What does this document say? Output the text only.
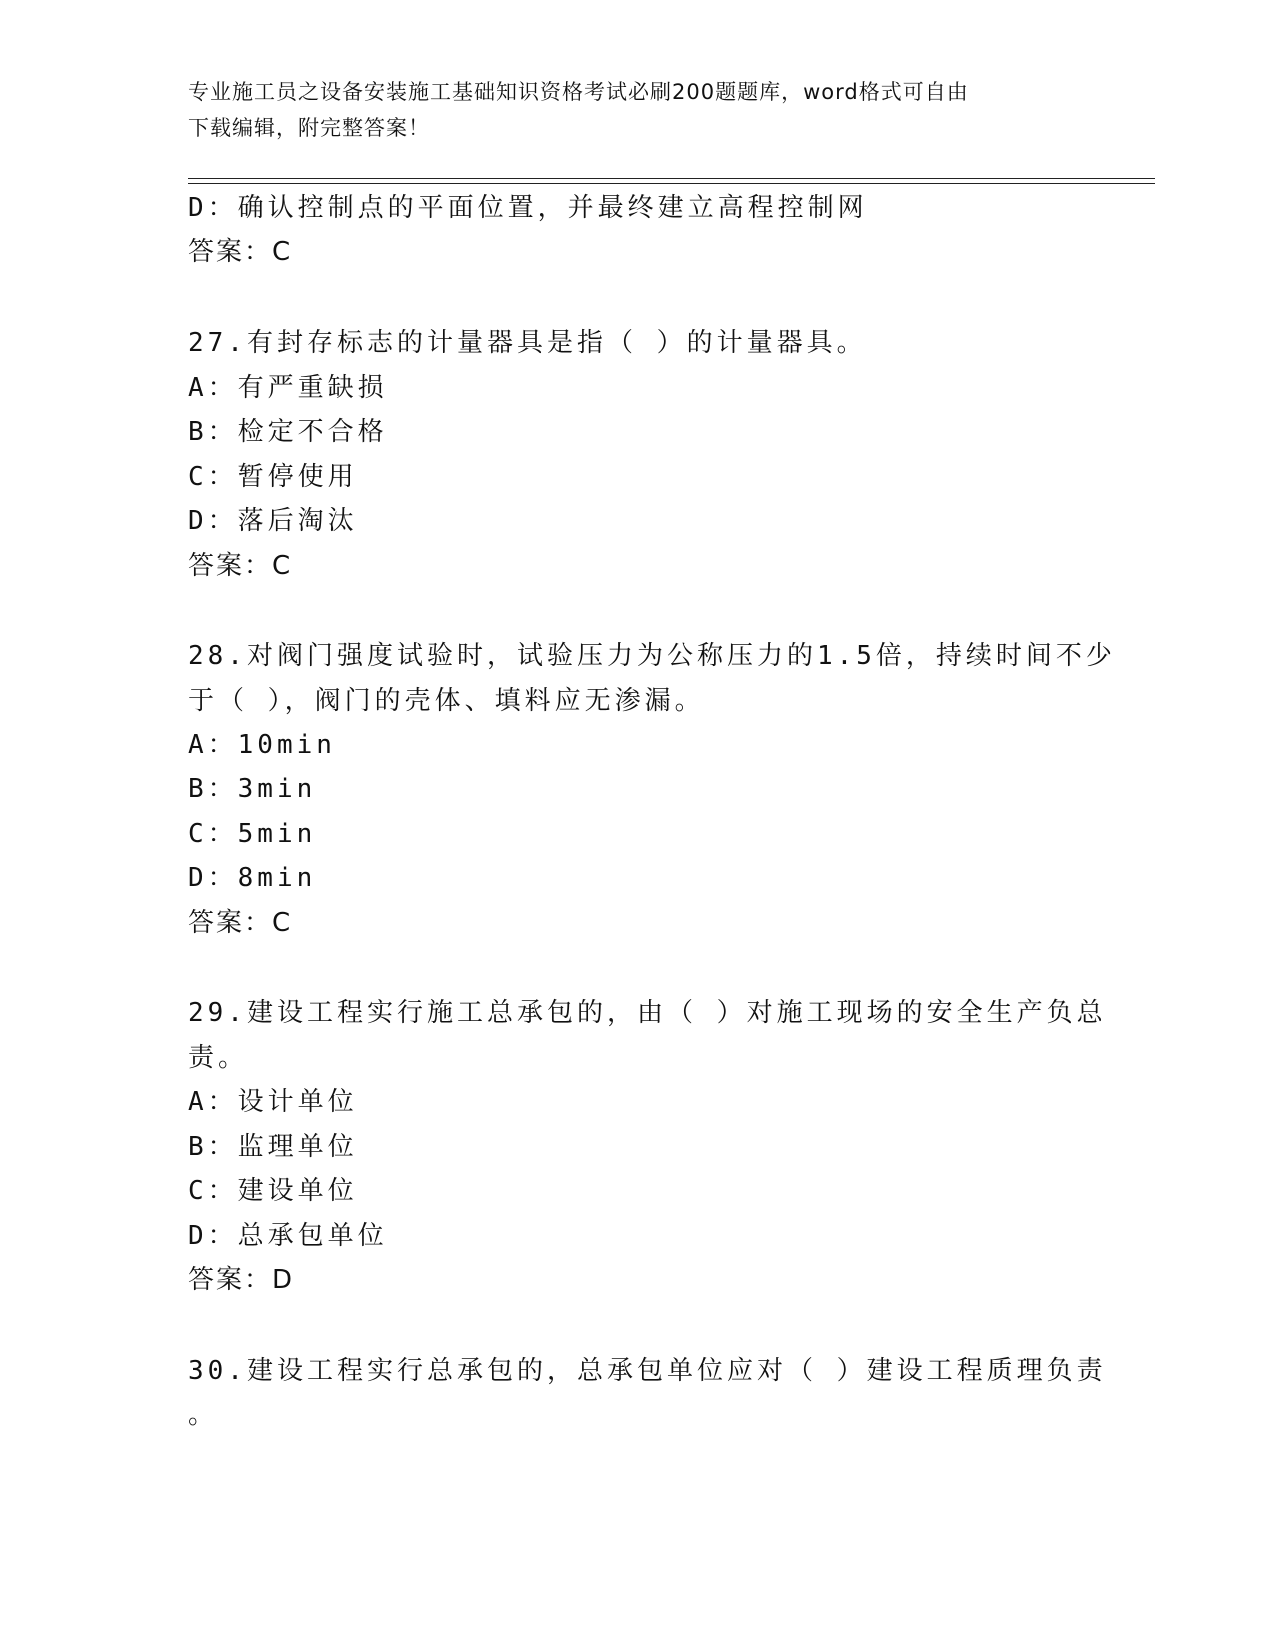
专业施工员之设备安装施工基础知识资格考试必刷200题题库，word格式可自由
下载编辑，附完整答案！
D：确认控制点的平面位置，并最终建立高程控制网
答案：C
27.有封存标志的计量器具是指（ ）的计量器具。
A：有严重缺损
B：检定不合格
C：暂停使用
D：落后淘汰
答案：C
28.对阀门强度试验时，试验压力为公称压力的1.5倍，持续时间不少
于（ ），阀门的壳体、填料应无渗漏。
A：10min
B：3min
C：5min
D：8min
答案：C
29.建设工程实行施工总承包的，由（ ）对施工现场的安全生产负总
责。
A：设计单位
B：监理单位
C：建设单位
D：总承包单位
答案：D
30.建设工程实行总承包的，总承包单位应对（ ）建设工程质理负责
。
